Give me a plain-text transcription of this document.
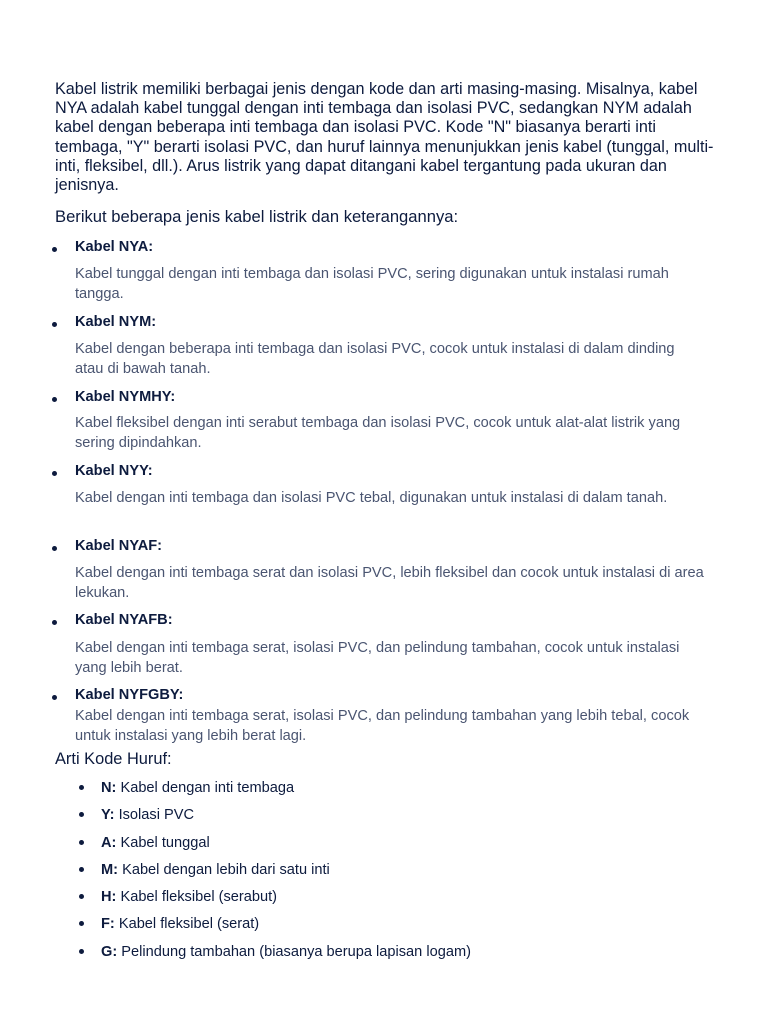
Kabel listrik memiliki berbagai jenis dengan kode dan arti masing-masing. Misalnya, kabel NYA adalah kabel tunggal dengan inti tembaga dan isolasi PVC, sedangkan NYM adalah kabel dengan beberapa inti tembaga dan isolasi PVC. Kode "N" biasanya berarti inti tembaga, "Y" berarti isolasi PVC, dan huruf lainnya menunjukkan jenis kabel (tunggal, multi-inti, fleksibel, dll.). Arus listrik yang dapat ditangani kabel tergantung pada ukuran dan jenisnya.

Berikut beberapa jenis kabel listrik dan keterangannya:

Kabel NYA:

Kabel tunggal dengan inti tembaga dan isolasi PVC, sering digunakan untuk instalasi rumah tangga.

Kabel NYM:

Kabel dengan beberapa inti tembaga dan isolasi PVC, cocok untuk instalasi di dalam dinding atau di bawah tanah.

Kabel NYMHY:

Kabel fleksibel dengan inti serabut tembaga dan isolasi PVC, cocok untuk alat-alat listrik yang sering dipindahkan.

Kabel NYY:

Kabel dengan inti tembaga dan isolasi PVC tebal, digunakan untuk instalasi di dalam tanah.

Kabel NYAF:

Kabel dengan inti tembaga serat dan isolasi PVC, lebih fleksibel dan cocok untuk instalasi di area lekukan.

Kabel NYAFB:

Kabel dengan inti tembaga serat, isolasi PVC, dan pelindung tambahan, cocok untuk instalasi yang lebih berat.

Kabel NYFGBY:

Kabel dengan inti tembaga serat, isolasi PVC, dan pelindung tambahan yang lebih tebal, cocok untuk instalasi yang lebih berat lagi.

Arti Kode Huruf:

N: Kabel dengan inti tembaga
Y: Isolasi PVC
A: Kabel tunggal
M: Kabel dengan lebih dari satu inti
H: Kabel fleksibel (serabut)
F: Kabel fleksibel (serat)
G: Pelindung tambahan (biasanya berupa lapisan logam)
